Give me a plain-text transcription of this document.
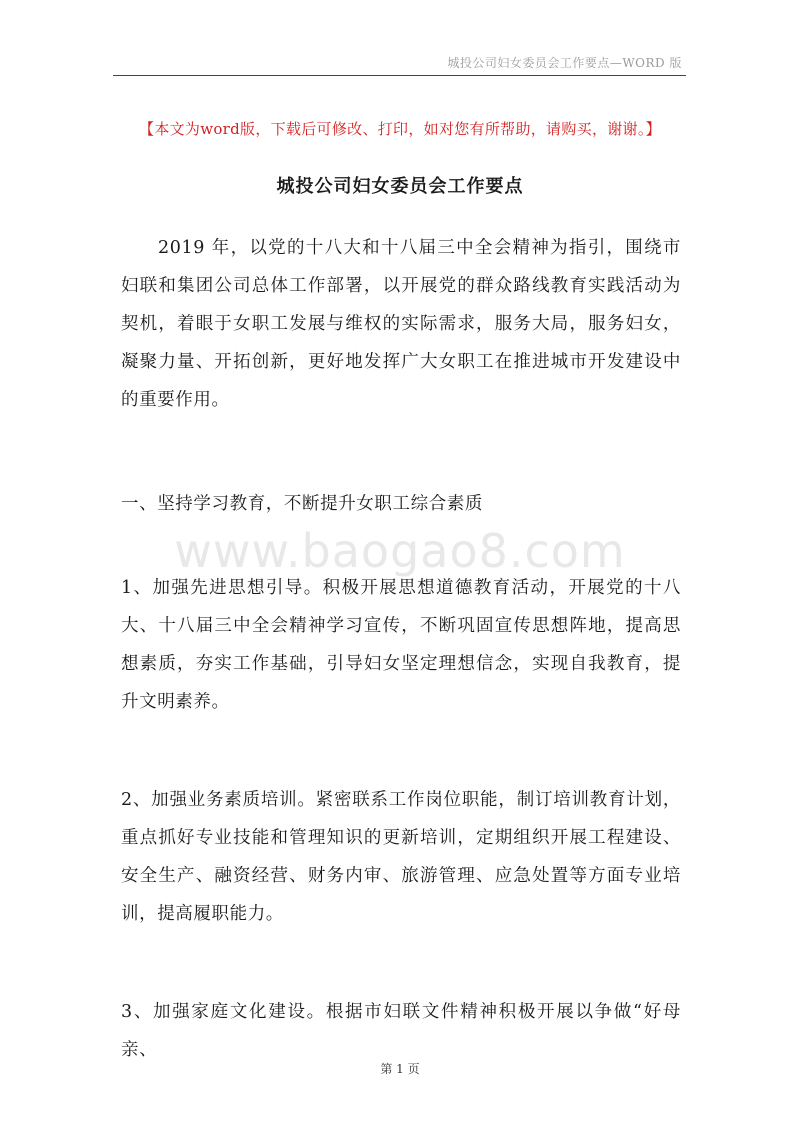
城投公司妇女委员会工作要点—WORD 版
【本文为word版，下载后可修改、打印，如对您有所帮助，请购买，谢谢。】
城投公司妇女委员会工作要点

2019 年，以党的十八大和十八届三中全会精神为指引，围绕市妇联和集团公司总体工作部署，以开展党的群众路线教育实践活动为契机，着眼于女职工发展与维权的实际需求，服务大局，服务妇女，凝聚力量、开拓创新，更好地发挥广大女职工在推进城市开发建设中的重要作用。

一、坚持学习教育，不断提升女职工综合素质

www.baogao8.com

1、加强先进思想引导。积极开展思想道德教育活动，开展党的十八大、十八届三中全会精神学习宣传，不断巩固宣传思想阵地，提高思想素质，夯实工作基础，引导妇女坚定理想信念，实现自我教育，提升文明素养。

2、加强业务素质培训。紧密联系工作岗位职能，制订培训教育计划，重点抓好专业技能和管理知识的更新培训，定期组织开展工程建设、安全生产、融资经营、财务内审、旅游管理、应急处置等方面专业培训，提高履职能力。

3、加强家庭文化建设。根据市妇联文件精神积极开展以争做“好母亲、

第 1 页
